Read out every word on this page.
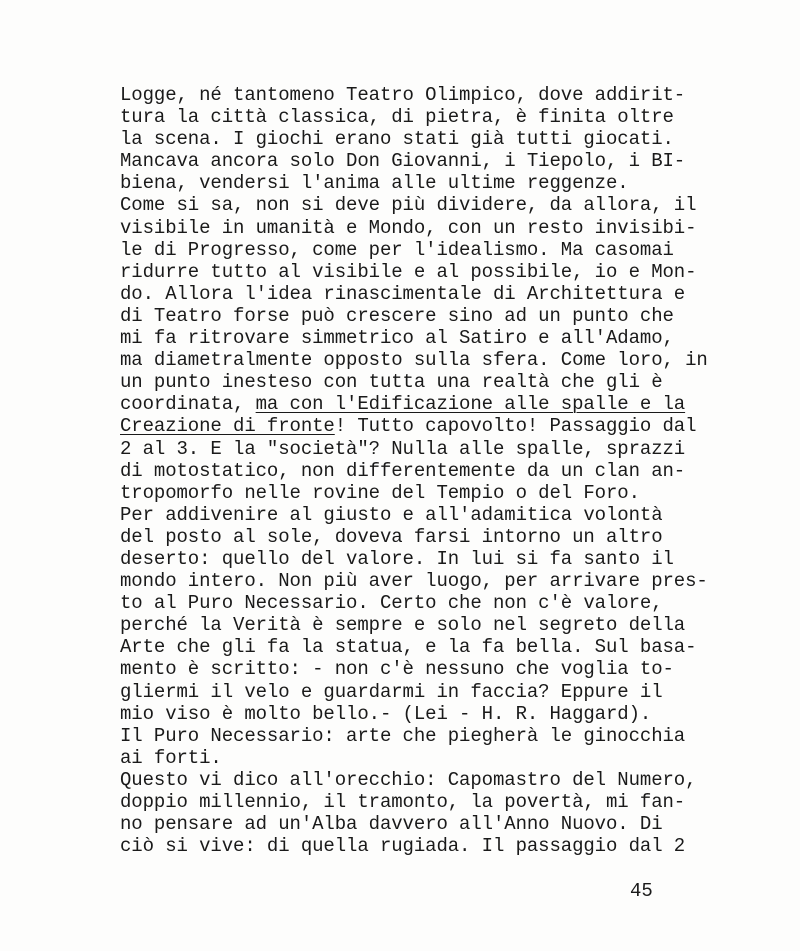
Logge, né tantomeno Teatro Olimpico, dove addirit-
tura la città classica, di pietra, è finita oltre
la scena. I giochi erano stati già tutti giocati.
Mancava ancora solo Don Giovanni, i Tiepolo, i BI-
biena, vendersi l'anima alle ultime reggenze.
Come si sa, non si deve più dividere, da allora, il
visibile in umanità e Mondo, con un resto invisibi-
le di Progresso, come per l'idealismo. Ma casomai
ridurre tutto al visibile e al possibile, io e Mon-
do. Allora l'idea rinascimentale di Architettura e
di Teatro forse può crescere sino ad un punto che
mi fa ritrovare simmetrico al Satiro e all'Adamo,
ma diametralmente opposto sulla sfera. Come loro, in
un punto inesteso con tutta una realtà che gli è
coordinata, ma con l'Edificazione alle spalle e la
Creazione di fronte! Tutto capovolto! Passaggio dal
2 al 3. E la "società"? Nulla alle spalle, sprazzi
di motostatico, non differentemente da un clan an-
tropomorfo nelle rovine del Tempio o del Foro.
Per addivenire al giusto e all'adamitica volontà
del posto al sole, doveva farsi intorno un altro
deserto: quello del valore. In lui si fa santo il
mondo intero. Non più aver luogo, per arrivare pres-
to al Puro Necessario. Certo che non c'è valore,
perché la Verità è sempre e solo nel segreto della
Arte che gli fa la statua, e la fa bella. Sul basa-
mento è scritto: - non c'è nessuno che voglia to-
gliermi il velo e guardarmi in faccia? Eppure il
mio viso è molto bello.- (Lei - H. R. Haggard).
Il Puro Necessario: arte che piegherà le ginocchia
ai forti.
Questo vi dico all'orecchio: Capomastro del Numero,
doppio millennio, il tramonto, la povertà, mi fan-
no pensare ad un'Alba davvero all'Anno Nuovo. Di
ciò si vive: di quella rugiada. Il passaggio dal 2
45
